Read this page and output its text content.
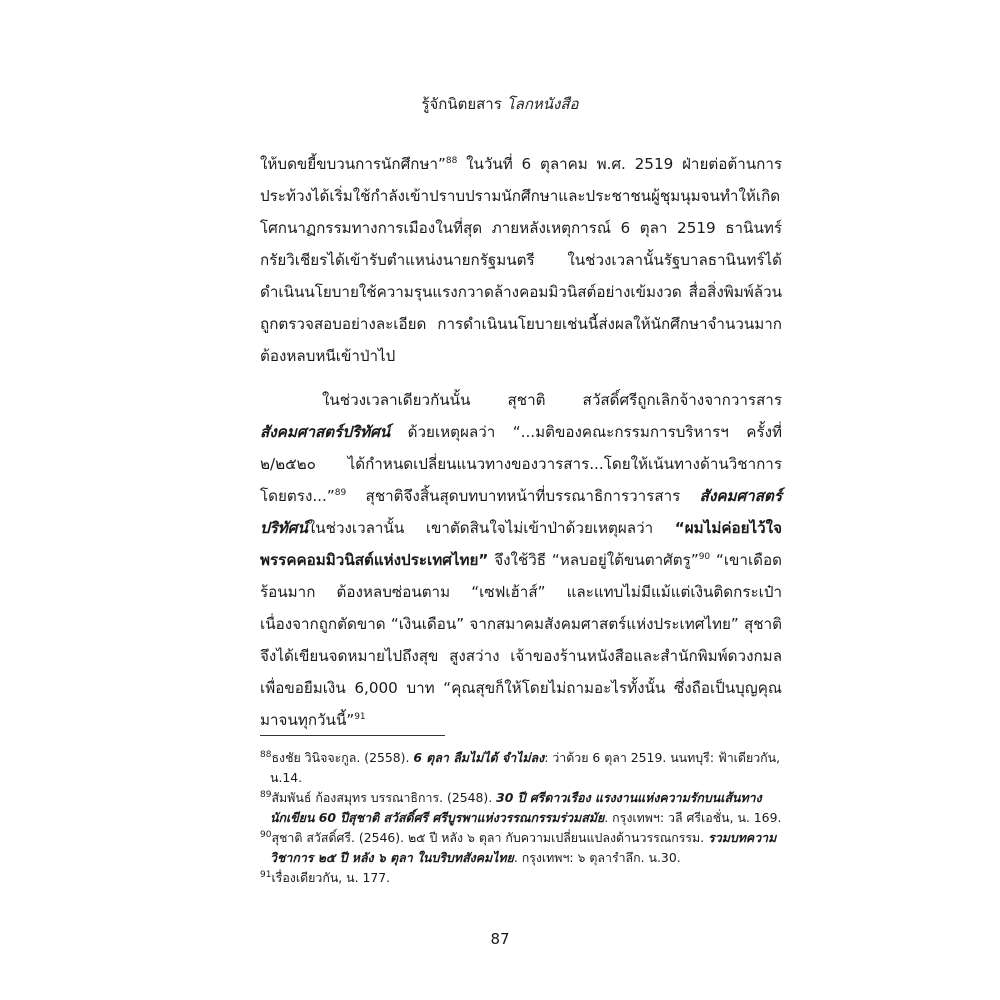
รู้จักนิตยสาร โลกหนังสือ

ให้บดขยี้ขบวนการนักศึกษา”$^{88}$ ในวันที่ 6 ตุลาคม พ.ศ. 2519 ฝ่ายต่อต้านการประท้วงได้เริ่มใช้กำลังเข้าปราบปรามนักศึกษาและประชาชนผู้ชุมนุมจนทำให้เกิดโศกนาฏกรรมทางการเมืองในที่สุด ภายหลังเหตุการณ์ 6 ตุลา 2519 ธานินทร์ กรัยวิเชียรได้เข้ารับตำแหน่งนายกรัฐมนตรี ในช่วงเวลานั้นรัฐบาลธานินทร์ได้ดำเนินนโยบายใช้ความรุนแรงกวาดล้างคอมมิวนิสต์อย่างเข้มงวด สื่อสิ่งพิมพ์ล้วนถูกตรวจสอบอย่างละเอียด การดำเนินนโยบายเช่นนี้ส่งผลให้นักศึกษาจำนวนมากต้องหลบหนีเข้าป่าไป

ในช่วงเวลาเดียวกันนั้น สุชาติ สวัสดิ์ศรีถูกเลิกจ้างจากวารสาร สังคมศาสตร์ปริทัศน์ ด้วยเหตุผลว่า “...มติของคณะกรรมการบริหารฯ ครั้งที่ ๒/๒๕๒๐ ได้กำหนดเปลี่ยนแนวทางของวารสาร...โดยให้เน้นทางด้านวิชาการโดยตรง...”$^{89}$ สุชาติจึงสิ้นสุดบทบาทหน้าที่บรรณาธิการวารสาร สังคมศาสตร์ปริทัศน์ในช่วงเวลานั้น เขาตัดสินใจไม่เข้าป่าด้วยเหตุผลว่า “ผมไม่ค่อยไว้ใจพรรคคอมมิวนิสต์แห่งประเทศไทย” จึงใช้วิธี “หลบอยู่ใต้ขนตาศัตรู”$^{90}$ “เขาเดือดร้อนมาก ต้องหลบซ่อนตาม “เซฟเฮ้าส์” และแทบไม่มีแม้แต่เงินติดกระเป๋าเนื่องจากถูกตัดขาด “เงินเดือน” จากสมาคมสังคมศาสตร์แห่งประเทศไทย” สุชาติจึงได้เขียนจดหมายไปถึงสุข สูงสว่าง เจ้าของร้านหนังสือและสำนักพิมพ์ดวงกมลเพื่อขอยืมเงิน 6,000 บาท “คุณสุขก็ให้โดยไม่ถามอะไรทั้งนั้น ซึ่งถือเป็นบุญคุณมาจนทุกวันนี้”$^{91}$

$^{88}$ธงชัย วินิจจะกูล. (2558). 6 ตุลา ลืมไม่ได้ จำไม่ลง: ว่าด้วย 6 ตุลา 2519. นนทบุรี: ฟ้าเดียวกัน,
น.14.

$^{89}$สัมพันธ์ ก้องสมุทร บรรณาธิการ. (2548). 30 ปี ศรีดาวเรือง แรงงานแห่งความรักบนเส้นทาง
นักเขียน 60 ปีสุชาติ สวัสดิ์ศรี ศรีบูรพาแห่งวรรณกรรมร่วมสมัย. กรุงเทพฯ: วลี ศรีเอชั่น, น. 169.

$^{90}$สุชาติ สวัสดิ์ศรี. (2546). ๒๕ ปี หลัง ๖ ตุลา กับความเปลี่ยนแปลงด้านวรรณกรรม. รวมบทความ
วิชาการ ๒๕ ปี หลัง ๖ ตุลา ในบริบทสังคมไทย. กรุงเทพฯ: ๖ ตุลารำลึก. น.30.

$^{91}$เรื่องเดียวกัน, น. 177.

87
